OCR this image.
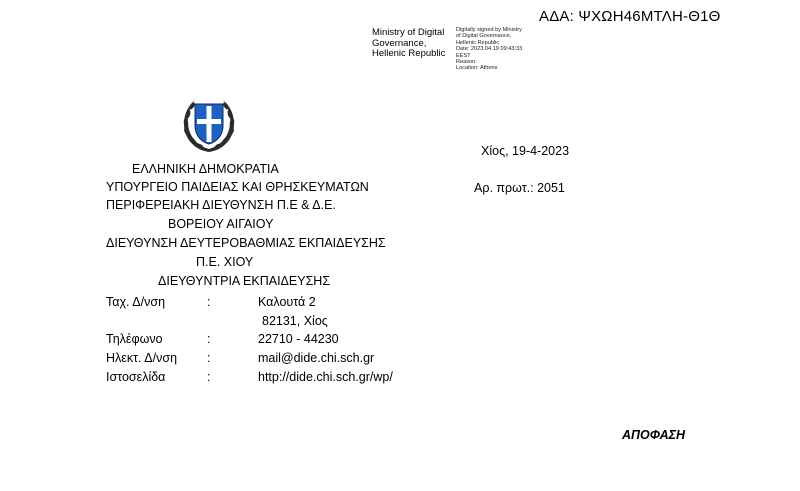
ΑΔΑ: ΨΧΩΗ46ΜΤΛΗ-Θ1Θ
Ministry of Digital
Governance,
Hellenic Republic
Digitally signed by Ministry
of Digital Governance,
Hellenic Republic
Date: 2023.04.19 09:43:33
EEST
Reason:
Location: Athens
ΕΛΛΗΝΙΚΗ ΔΗΜΟΚΡΑΤΙΑ
ΥΠΟΥΡΓΕΙΟ ΠΑΙΔΕΙΑΣ ΚΑΙ ΘΡΗΣΚΕΥΜΑΤΩΝ
ΠΕΡΙΦΕΡΕΙΑΚΗ ΔΙΕΥΘΥΝΣΗ Π.Ε & Δ.Ε.
ΒΟΡΕΙΟΥ ΑΙΓΑΙΟΥ
ΔΙΕΥΘΥΝΣΗ ΔΕΥΤΕΡΟΒΑΘΜΙΑΣ ΕΚΠΑΙΔΕΥΣΗΣ
Π.Ε. ΧΙΟΥ
ΔΙΕΥΘΥΝΤΡΙΑ ΕΚΠΑΙΔΕΥΣΗΣ
Χίος, 19-4-2023
Αρ. πρωτ.: 2051
Ταχ. Δ/νση	:	Καλουτά 2
82131, Χίος
Τηλέφωνο	:	22710 - 44230
Ηλεκτ. Δ/νση :	mail@dide.chi.sch.gr
Ιστοσελίδα	:	http://dide.chi.sch.gr/wp/
ΑΠΟΦΑΣΗ
